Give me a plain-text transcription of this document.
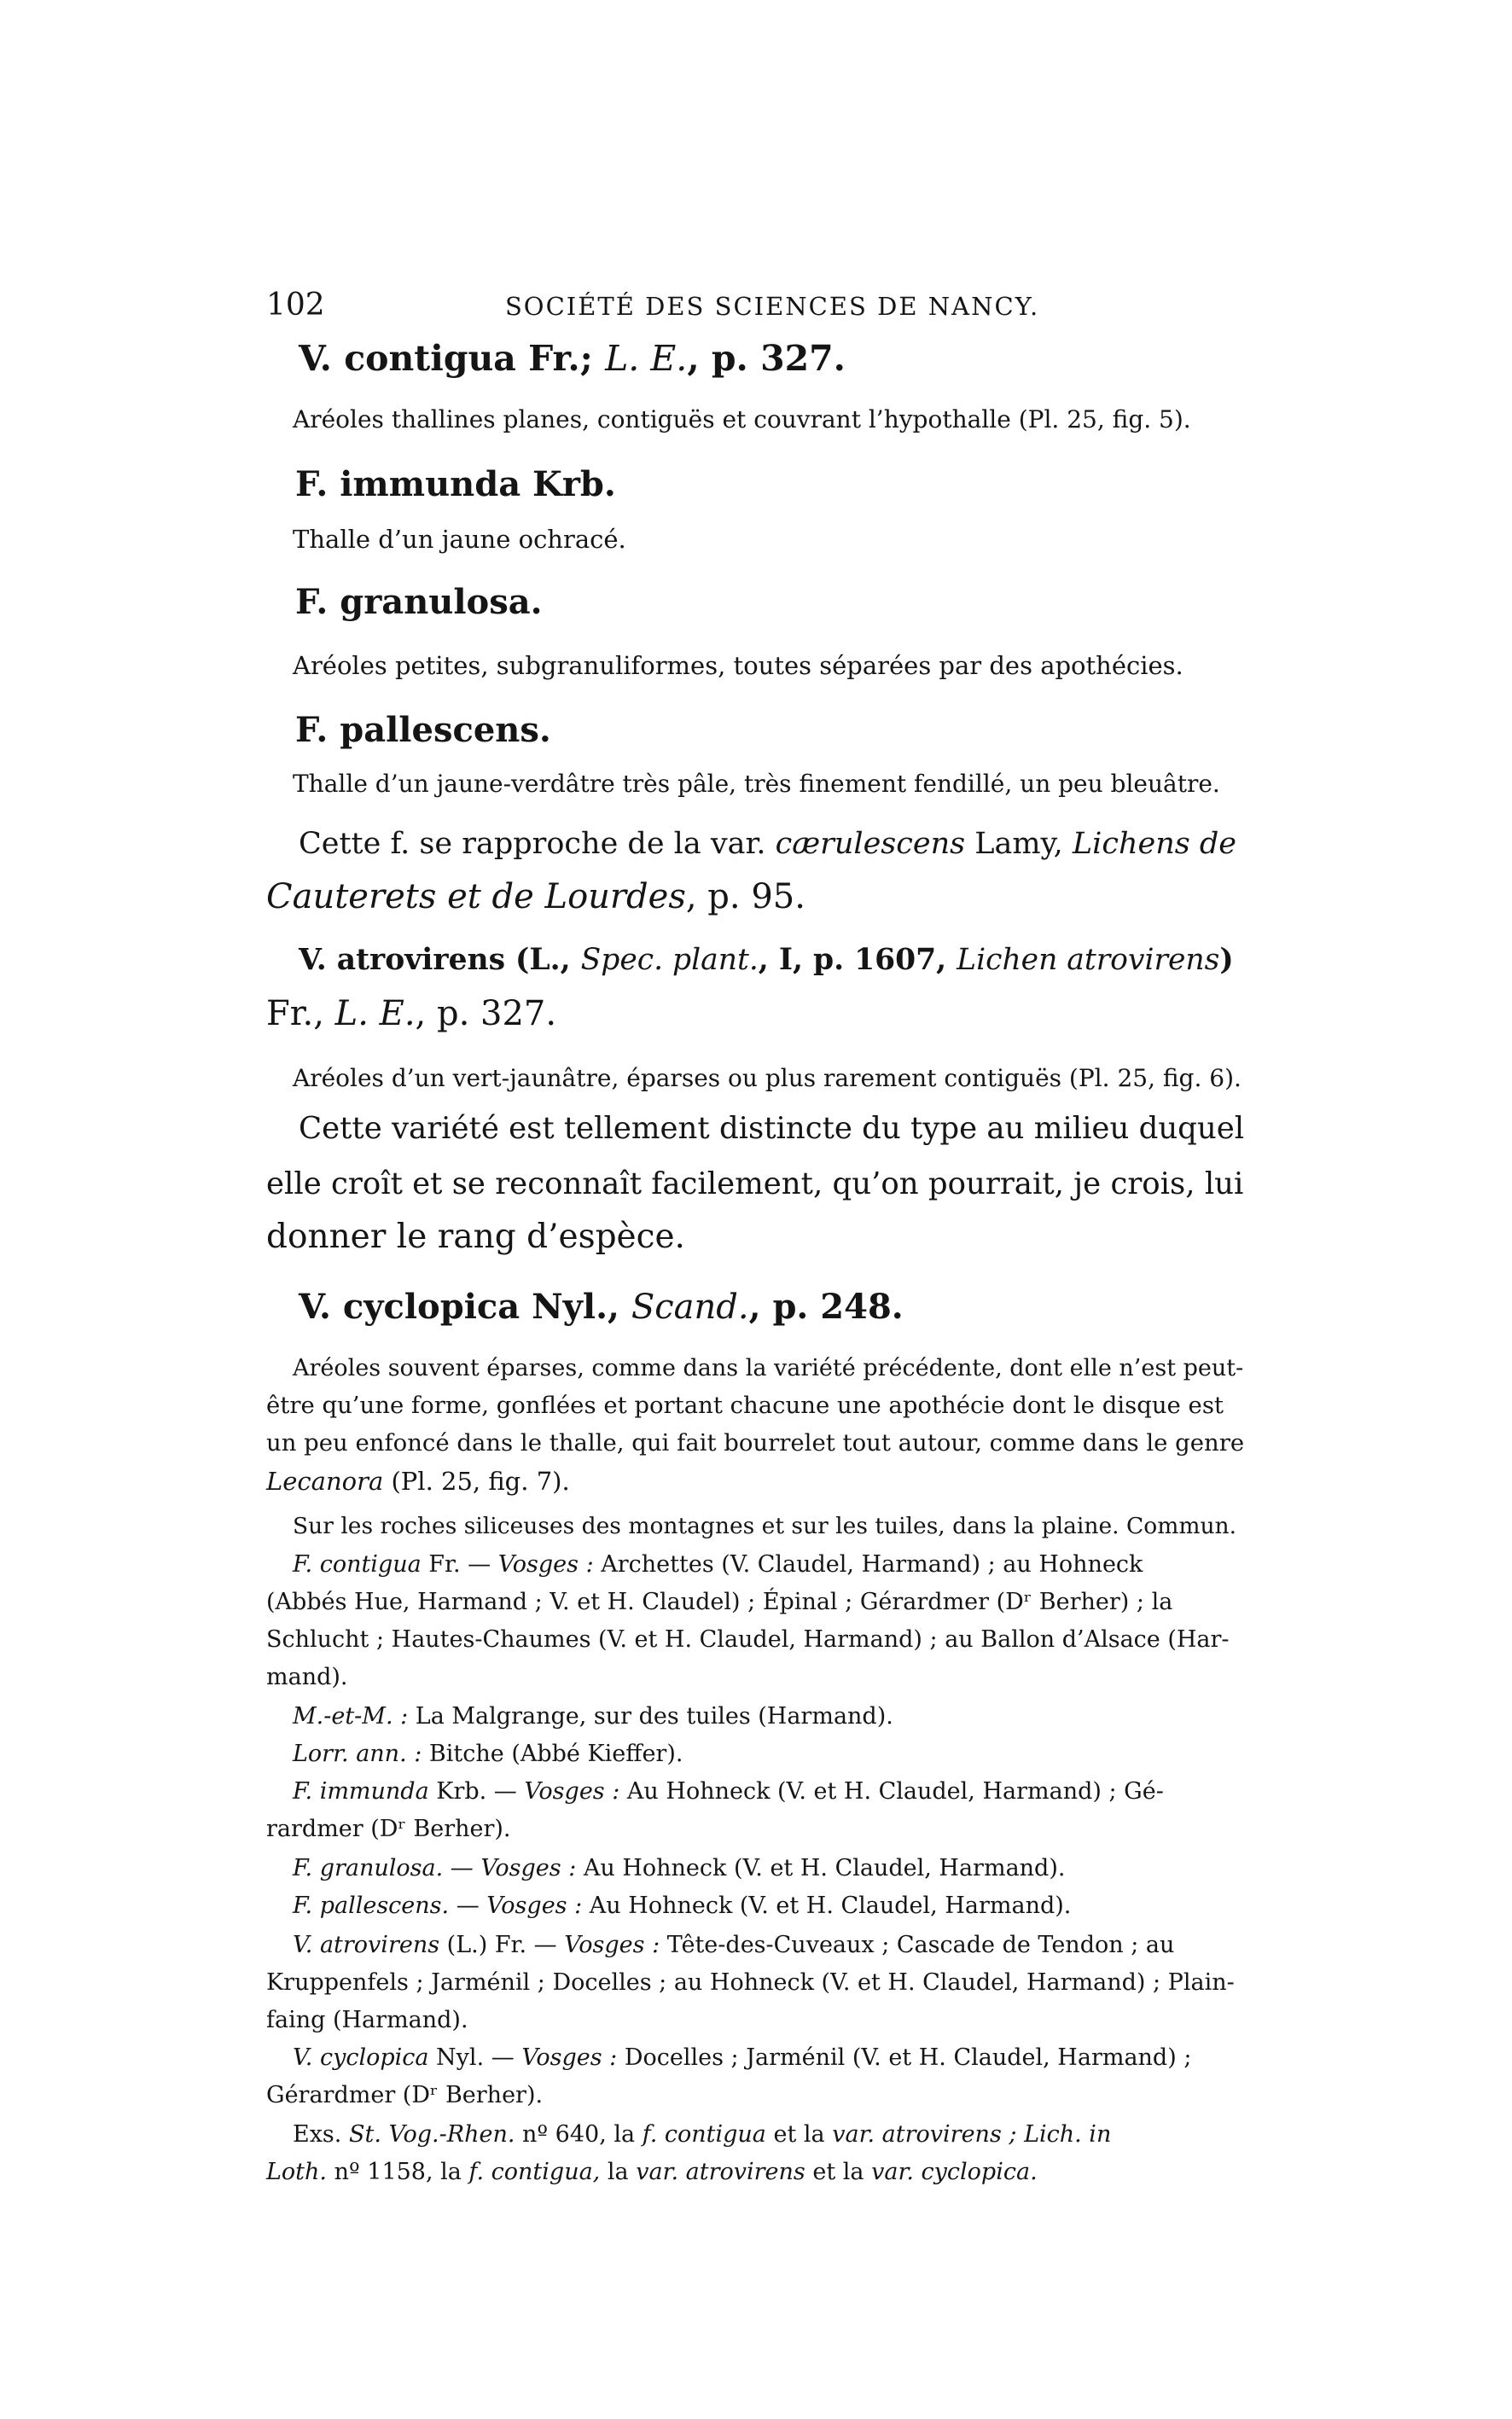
102	SOCIÉTÉ DES SCIENCES DE NANCY.
V. contigua Fr.; L. E., p. 327.
Aréoles thallines planes, contiguës et couvrant l’hypothalle (Pl. 25, fig. 5).
F. immunda Krb.
Thalle d’un jaune ochracé.
F. granulosa.
Aréoles petites, subgranuliformes, toutes séparées par des apothécies.
F. pallescens.
Thalle d’un jaune-verdâtre très pâle, très finement fendillé, un peu bleuâtre.
Cette f. se rapproche de la var. cærulescens Lamy, Lichens de
Cauterets et de Lourdes, p. 95.
V. atrovirens (L., Spec. plant., I, p. 1607, Lichen atrovirens)
Fr., L. E., p. 327.
Aréoles d’un vert-jaunâtre, éparses ou plus rarement contiguës (Pl. 25, fig. 6).
Cette variété est tellement distincte du type au milieu duquel
elle croît et se reconnaît facilement, qu’on pourrait, je crois, lui
donner le rang d’espèce.
V. cyclopica Nyl., Scand., p. 248.
Aréoles souvent éparses, comme dans la variété précédente, dont elle n’est peut-
être qu’une forme, gonflées et portant chacune une apothécie dont le disque est
un peu enfoncé dans le thalle, qui fait bourrelet tout autour, comme dans le genre
Lecanora (Pl. 25, fig. 7).
Sur les roches siliceuses des montagnes et sur les tuiles, dans la plaine. Commun.
F. contigua Fr. — Vosges : Archettes (V. Claudel, Harmand) ; au Hohneck
(Abbés Hue, Harmand ; V. et H. Claudel) ; Épinal ; Gérardmer (Dʳ Berher) ; la
Schlucht ; Hautes-Chaumes (V. et H. Claudel, Harmand) ; au Ballon d’Alsace (Har-
mand).
M.-et-M. : La Malgrange, sur des tuiles (Harmand).
Lorr. ann. : Bitche (Abbé Kieffer).
F. immunda Krb. — Vosges : Au Hohneck (V. et H. Claudel, Harmand) ; Gé-
rardmer (Dʳ Berher).
F. granulosa. — Vosges : Au Hohneck (V. et H. Claudel, Harmand).
F. pallescens. — Vosges : Au Hohneck (V. et H. Claudel, Harmand).
V. atrovirens (L.) Fr. — Vosges : Tête-des-Cuveaux ; Cascade de Tendon ; au
Kruppenfels ; Jarménil ; Docelles ; au Hohneck (V. et H. Claudel, Harmand) ; Plain-
faing (Harmand).
V. cyclopica Nyl. — Vosges : Docelles ; Jarménil (V. et H. Claudel, Harmand) ;
Gérardmer (Dʳ Berher).
Exs. St. Vog.-Rhen. nº 640, la f. contigua et la var. atrovirens ; Lich. in
Loth. nº 1158, la f. contigua, la var. atrovirens et la var. cyclopica.
